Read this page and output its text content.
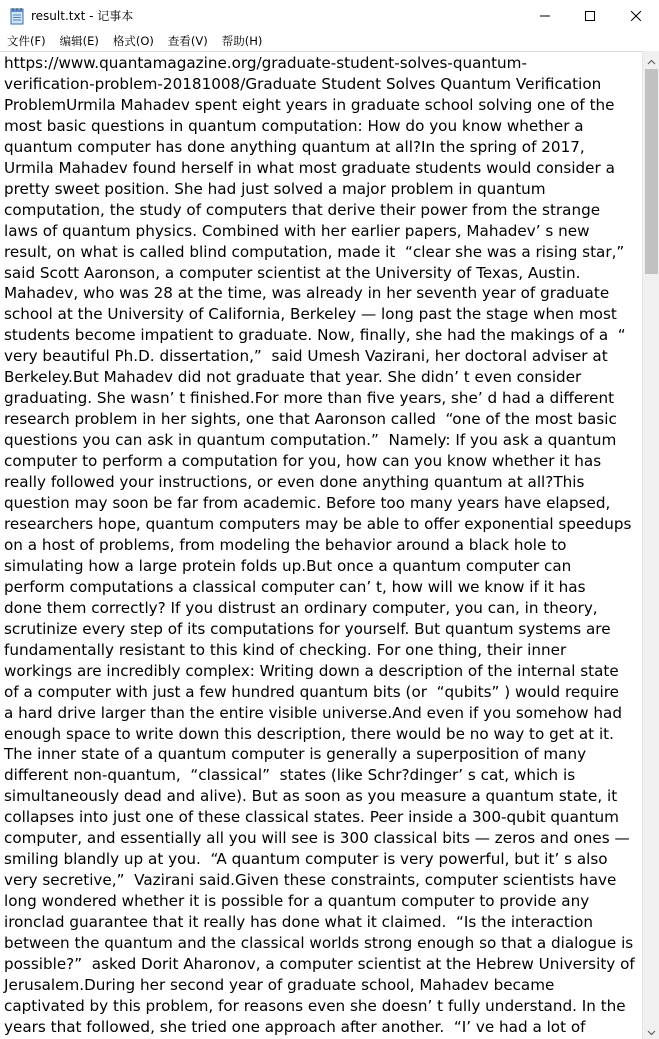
result.txt - 记事本
文件(F)	编辑(E)	格式(O)	查看(V)	帮助(H)
https://www.quantamagazine.org/graduate-student-solves-quantum-
verification-problem-20181008/Graduate Student Solves Quantum Verification
ProblemUrmila Mahadev spent eight years in graduate school solving one of the
most basic questions in quantum computation: How do you know whether a
quantum computer has done anything quantum at all?In the spring of 2017,
Urmila Mahadev found herself in what most graduate students would consider a
pretty sweet position. She had just solved a major problem in quantum
computation, the study of computers that derive their power from the strange
laws of quantum physics. Combined with her earlier papers, Mahadev’ s new
result, on what is called blind computation, made it  “clear she was a rising star,”
said Scott Aaronson, a computer scientist at the University of Texas, Austin.
Mahadev, who was 28 at the time, was already in her seventh year of graduate
school at the University of California, Berkeley — long past the stage when most
students become impatient to graduate. Now, finally, she had the makings of a  “
very beautiful Ph.D. dissertation,”  said Umesh Vazirani, her doctoral adviser at
Berkeley.But Mahadev did not graduate that year. She didn’ t even consider
graduating. She wasn’ t finished.For more than five years, she’ d had a different
research problem in her sights, one that Aaronson called  “one of the most basic
questions you can ask in quantum computation.”  Namely: If you ask a quantum
computer to perform a computation for you, how can you know whether it has
really followed your instructions, or even done anything quantum at all?This
question may soon be far from academic. Before too many years have elapsed,
researchers hope, quantum computers may be able to offer exponential speedups
on a host of problems, from modeling the behavior around a black hole to
simulating how a large protein folds up.But once a quantum computer can
perform computations a classical computer can’ t, how will we know if it has
done them correctly? If you distrust an ordinary computer, you can, in theory,
scrutinize every step of its computations for yourself. But quantum systems are
fundamentally resistant to this kind of checking. For one thing, their inner
workings are incredibly complex: Writing down a description of the internal state
of a computer with just a few hundred quantum bits (or  “qubits” ) would require
a hard drive larger than the entire visible universe.And even if you somehow had
enough space to write down this description, there would be no way to get at it.
The inner state of a quantum computer is generally a superposition of many
different non-quantum,  “classical”  states (like Schr?dinger’ s cat, which is
simultaneously dead and alive). But as soon as you measure a quantum state, it
collapses into just one of these classical states. Peer inside a 300-qubit quantum
computer, and essentially all you will see is 300 classical bits — zeros and ones —
smiling blandly up at you.  “A quantum computer is very powerful, but it’ s also
very secretive,”  Vazirani said.Given these constraints, computer scientists have
long wondered whether it is possible for a quantum computer to provide any
ironclad guarantee that it really has done what it claimed.  “Is the interaction
between the quantum and the classical worlds strong enough so that a dialogue is
possible?”  asked Dorit Aharonov, a computer scientist at the Hebrew University of
Jerusalem.During her second year of graduate school, Mahadev became
captivated by this problem, for reasons even she doesn’ t fully understand. In the
years that followed, she tried one approach after another.  “I’ ve had a lot of
